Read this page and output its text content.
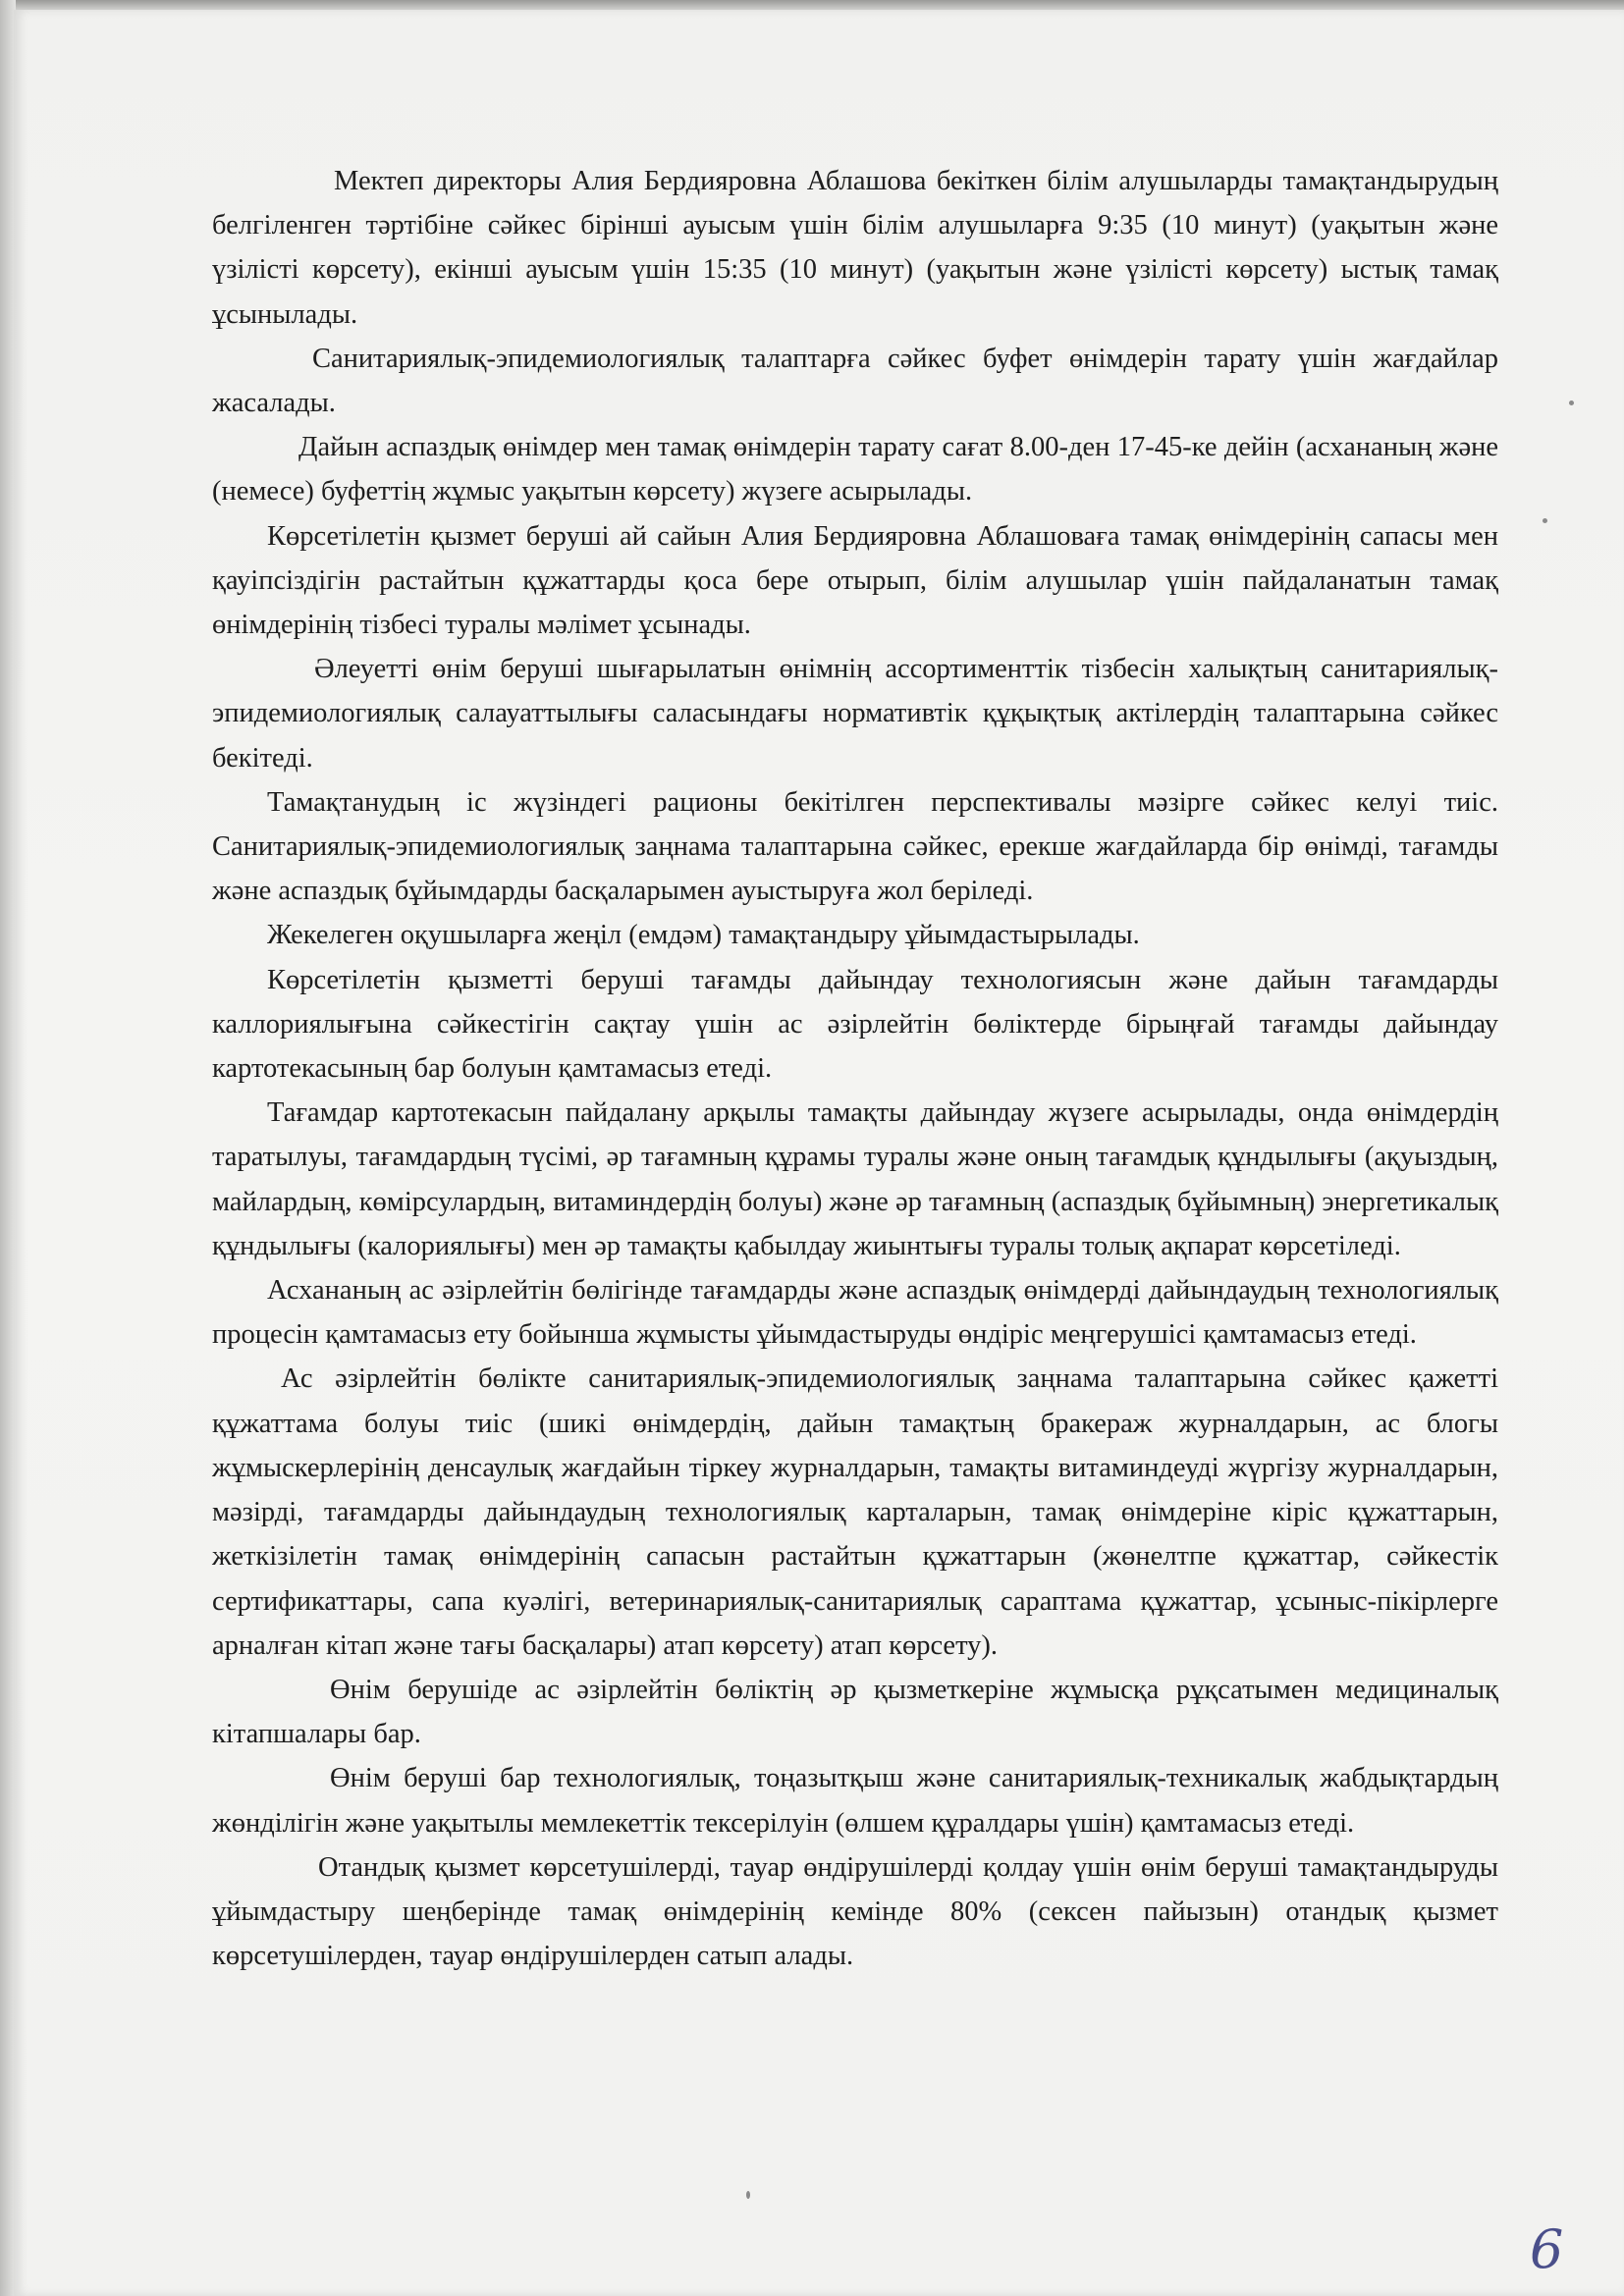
Мектеп директоры Алия Бердияровна Аблашова бекіткен білім алушыларды тамақтандырудың белгіленген тәртібіне сәйкес бірінші ауысым үшін білім алушыларға 9:35 (10 минут) (уақытын және үзілісті көрсету), екінші ауысым үшін 15:35 (10 минут) (уақытын және үзілісті көрсету) ыстық тамақ ұсынылады.

Санитариялық-эпидемиологиялық талаптарға сәйкес буфет өнімдерін тарату үшін жағдайлар жасалады.

Дайын аспаздық өнімдер мен тамақ өнімдерін тарату сағат 8.00-ден 17-45-ке дейін (асхананың және (немесе) буфеттің жұмыс уақытын көрсету) жүзеге асырылады.

Көрсетілетін қызмет беруші ай сайын Алия Бердияровна Аблашоваға тамақ өнімдерінің сапасы мен қауіпсіздігін растайтын құжаттарды қоса бере отырып, білім алушылар үшін пайдаланатын тамақ өнімдерінің тізбесі туралы мәлімет ұсынады.

Әлеуетті өнім беруші шығарылатын өнімнің ассортименттік тізбесін халықтың санитариялық-эпидемиологиялық салауаттылығы саласындағы нормативтік құқықтық актілердің талаптарына сәйкес бекітеді.

Тамақтанудың іс жүзіндегі рационы бекітілген перспективалы мәзірге сәйкес келуі тиіс. Санитариялық-эпидемиологиялық заңнама талаптарына сәйкес, ерекше жағдайларда бір өнімді, тағамды және аспаздық бұйымдарды басқаларымен ауыстыруға жол беріледі.

Жекелеген оқушыларға жеңіл (емдәм) тамақтандыру ұйымдастырылады.

Көрсетілетін қызметті беруші тағамды дайындау технологиясын және дайын тағамдарды каллориялығына сәйкестігін сақтау үшін ас әзірлейтін бөліктерде бірыңғай тағамды дайындау картотекасының бар болуын қамтамасыз етеді.

Тағамдар картотекасын пайдалану арқылы тамақты дайындау жүзеге асырылады, онда өнімдердің таратылуы, тағамдардың түсімі, әр тағамның құрамы туралы және оның тағамдық құндылығы (ақуыздың, майлардың, көмірсулардың, витаминдердің болуы) және әр тағамның (аспаздық бұйымның) энергетикалық құндылығы (калориялығы) мен әр тамақты қабылдау жиынтығы туралы толық ақпарат көрсетіледі.

Асхананың ас әзірлейтін бөлігінде тағамдарды және аспаздық өнімдерді дайындаудың технологиялық процесін қамтамасыз ету бойынша жұмысты ұйымдастыруды өндіріс меңгерушісі қамтамасыз етеді.

Ас әзірлейтін бөлікте санитариялық-эпидемиологиялық заңнама талаптарына сәйкес қажетті құжаттама болуы тиіс (шикі өнімдердің, дайын тамақтың бракераж журналдарын, ас блогы жұмыскерлерінің денсаулық жағдайын тіркеу журналдарын, тамақты витаминдеуді жүргізу журналдарын, мәзірді, тағамдарды дайындаудың технологиялық карталарын, тамақ өнімдеріне кіріс құжаттарын, жеткізілетін тамақ өнімдерінің сапасын растайтын құжаттарын (жөнелтпе құжаттар, сәйкестік сертификаттары, сапа куәлігі, ветеринариялық-санитариялық сараптама құжаттар, ұсыныс-пікірлерге арналған кітап және тағы басқалары) атап көрсету) атап көрсету).

Өнім берушіде ас әзірлейтін бөліктің әр қызметкеріне жұмысқа рұқсатымен медициналық кітапшалары бар.

Өнім беруші бар технологиялық, тоңазытқыш және санитариялық-техникалық жабдықтардың жөнділігін және уақытылы мемлекеттік тексерілуін (өлшем құралдары үшін) қамтамасыз етеді.

Отандық қызмет көрсетушілерді, тауар өндірушілерді қолдау үшін өнім беруші тамақтандыруды ұйымдастыру шеңберінде тамақ өнімдерінің кемінде 80% (сексен пайызын) отандық қызмет көрсетушілерден, тауар өндірушілерден сатып алады.

6
